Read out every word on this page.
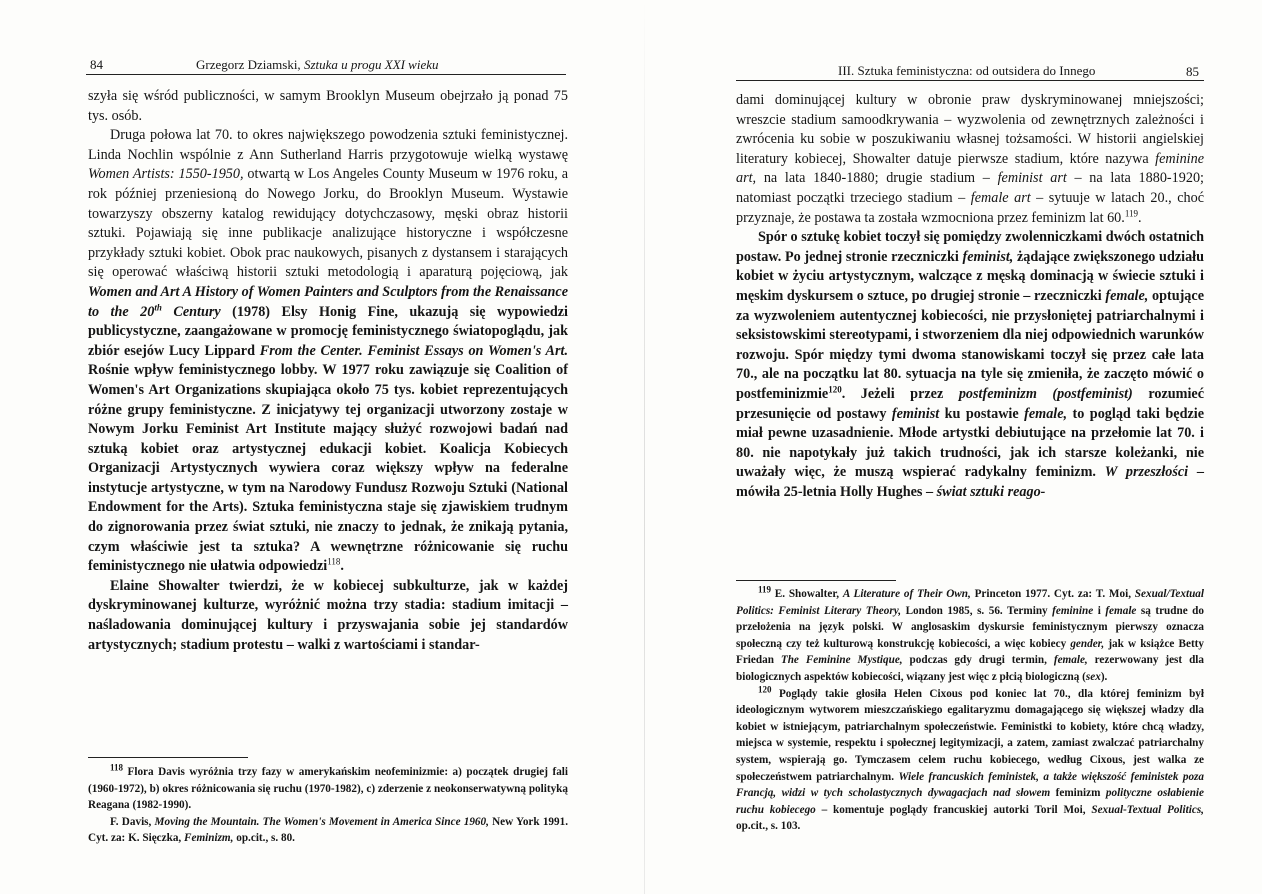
84	Grzegorz Dziamski, Sztuka u progu XXI wieku

szyła się wśród publiczności, w samym Brooklyn Museum obejrzało ją ponad 75 tys. osób.

Druga połowa lat 70. to okres największego powodzenia sztuki feministycznej. Linda Nochlin wspólnie z Ann Sutherland Harris przygotowuje wielką wystawę Women Artists: 1550-1950, otwartą w Los Angeles County Museum w 1976 roku, a rok później przeniesioną do Nowego Jorku, do Brooklyn Museum. Wystawie towarzyszy obszerny katalog rewidujący dotychczasowy, męski obraz historii sztuki. Pojawiają się inne publikacje analizujące historyczne i współczesne przykłady sztuki kobiet. Obok prac naukowych, pisanych z dystansem i starających się operować właściwą historii sztuki metodologią i aparaturą pojęciową, jak Women and Art A History of Women Painters and Sculptors from the Renaissance to the 20th Century (1978) Elsy Honig Fine, ukazują się wypowiedzi publicystyczne, zaangażowane w promocję feministycznego światopoglądu, jak zbiór esejów Lucy Lippard From the Center. Feminist Essays on Women's Art. Rośnie wpływ feministycznego lobby. W 1977 roku zawiązuje się Coalition of Women's Art Organizations skupiająca około 75 tys. kobiet reprezentujących różne grupy feministyczne. Z inicjatywy tej organizacji utworzony zostaje w Nowym Jorku Feminist Art Institute mający służyć rozwojowi badań nad sztuką kobiet oraz artystycznej edukacji kobiet. Koalicja Kobiecych Organizacji Artystycznych wywiera coraz większy wpływ na federalne instytucje artystyczne, w tym na Narodowy Fundusz Rozwoju Sztuki (National Endowment for the Arts). Sztuka feministyczna staje się zjawiskiem trudnym do zignorowania przez świat sztuki, nie znaczy to jednak, że znikają pytania, czym właściwie jest ta sztuka? A wewnętrzne różnicowanie się ruchu feministycznego nie ułatwia odpowiedzi$^{118}$.

Elaine Showalter twierdzi, że w kobiecej subkulturze, jak w każdej dyskryminowanej kulturze, wyróżnić można trzy stadia: stadium imitacji – naśladowania dominującej kultury i przyswajania sobie jej standardów artystycznych; stadium protestu – walki z wartościami i standar-

$^{118}$ Flora Davis wyróżnia trzy fazy w amerykańskim neofeminizmie: a) początek drugiej fali (1960-1972), b) okres różnicowania się ruchu (1970-1982), c) zderzenie z neokonserwatywną polityką Reagana (1982-1990).

F. Davis, Moving the Mountain. The Women's Movement in America Since 1960, New York 1991. Cyt. za: K. Sięczka, Feminizm, op.cit., s. 80.

III. Sztuka feministyczna: od outsidera do Innego	85

dami dominującej kultury w obronie praw dyskryminowanej mniejszości; wreszcie stadium samoodkrywania – wyzwolenia od zewnętrznych zależności i zwrócenia ku sobie w poszukiwaniu własnej tożsamości. W historii angielskiej literatury kobiecej, Showalter datuje pierwsze stadium, które nazywa feminine art, na lata 1840-1880; drugie stadium – feminist art – na lata 1880-1920; natomiast początki trzeciego stadium – female art – sytuuje w latach 20., choć przyznaje, że postawa ta została wzmocniona przez feminizm lat 60.$^{119}$.

Spór o sztukę kobiet toczył się pomiędzy zwolenniczkami dwóch ostatnich postaw. Po jednej stronie rzeczniczki feminist, żądające zwiększonego udziału kobiet w życiu artystycznym, walczące z męską dominacją w świecie sztuki i męskim dyskursem o sztuce, po drugiej stronie – rzeczniczki female, optujące za wyzwoleniem autentycznej kobiecości, nie przysłoniętej patriarchalnymi i seksistowskimi stereotypami, i stworzeniem dla niej odpowiednich warunków rozwoju. Spór między tymi dwoma stanowiskami toczył się przez całe lata 70., ale na początku lat 80. sytuacja na tyle się zmieniła, że zaczęto mówić o postfeminizmie$^{120}$. Jeżeli przez postfeminizm (postfeminist) rozumieć przesunięcie od postawy feminist ku postawie female, to pogląd taki będzie miał pewne uzasadnienie. Młode artystki debiutujące na przełomie lat 70. i 80. nie napotykały już takich trudności, jak ich starsze koleżanki, nie uważały więc, że muszą wspierać radykalny feminizm. W przeszłości – mówiła 25-letnia Holly Hughes – świat sztuki reago-

$^{119}$ E. Showalter, A Literature of Their Own, Princeton 1977. Cyt. za: T. Moi, Sexual/Textual Politics: Feminist Literary Theory, London 1985, s. 56. Terminy feminine i female są trudne do przełożenia na język polski. W anglosaskim dyskursie feministycznym pierwszy oznacza społeczną czy też kulturową konstrukcję kobiecości, a więc kobiecy gender, jak w książce Betty Friedan The Feminine Mystique, podczas gdy drugi termin, female, rezerwowany jest dla biologicznych aspektów kobiecości, wiązany jest więc z płcią biologiczną (sex).

$^{120}$ Poglądy takie głosiła Helen Cixous pod koniec lat 70., dla której feminizm był ideologicznym wytworem mieszczańskiego egalitaryzmu domagającego się większej władzy dla kobiet w istniejącym, patriarchalnym społeczeństwie. Feministki to kobiety, które chcą władzy, miejsca w systemie, respektu i społecznej legitymizacji, a zatem, zamiast zwalczać patriarchalny system, wspierają go. Tymczasem celem ruchu kobiecego, według Cixous, jest walka ze społeczeństwem patriarchalnym. Wiele francuskich feministek, a także większość feministek poza Francją, widzi w tych scholastycznych dywagacjach nad słowem feminizm polityczne osłabienie ruchu kobiecego – komentuje poglądy francuskiej autorki Toril Moi, Sexual-Textual Politics, op.cit., s. 103.
